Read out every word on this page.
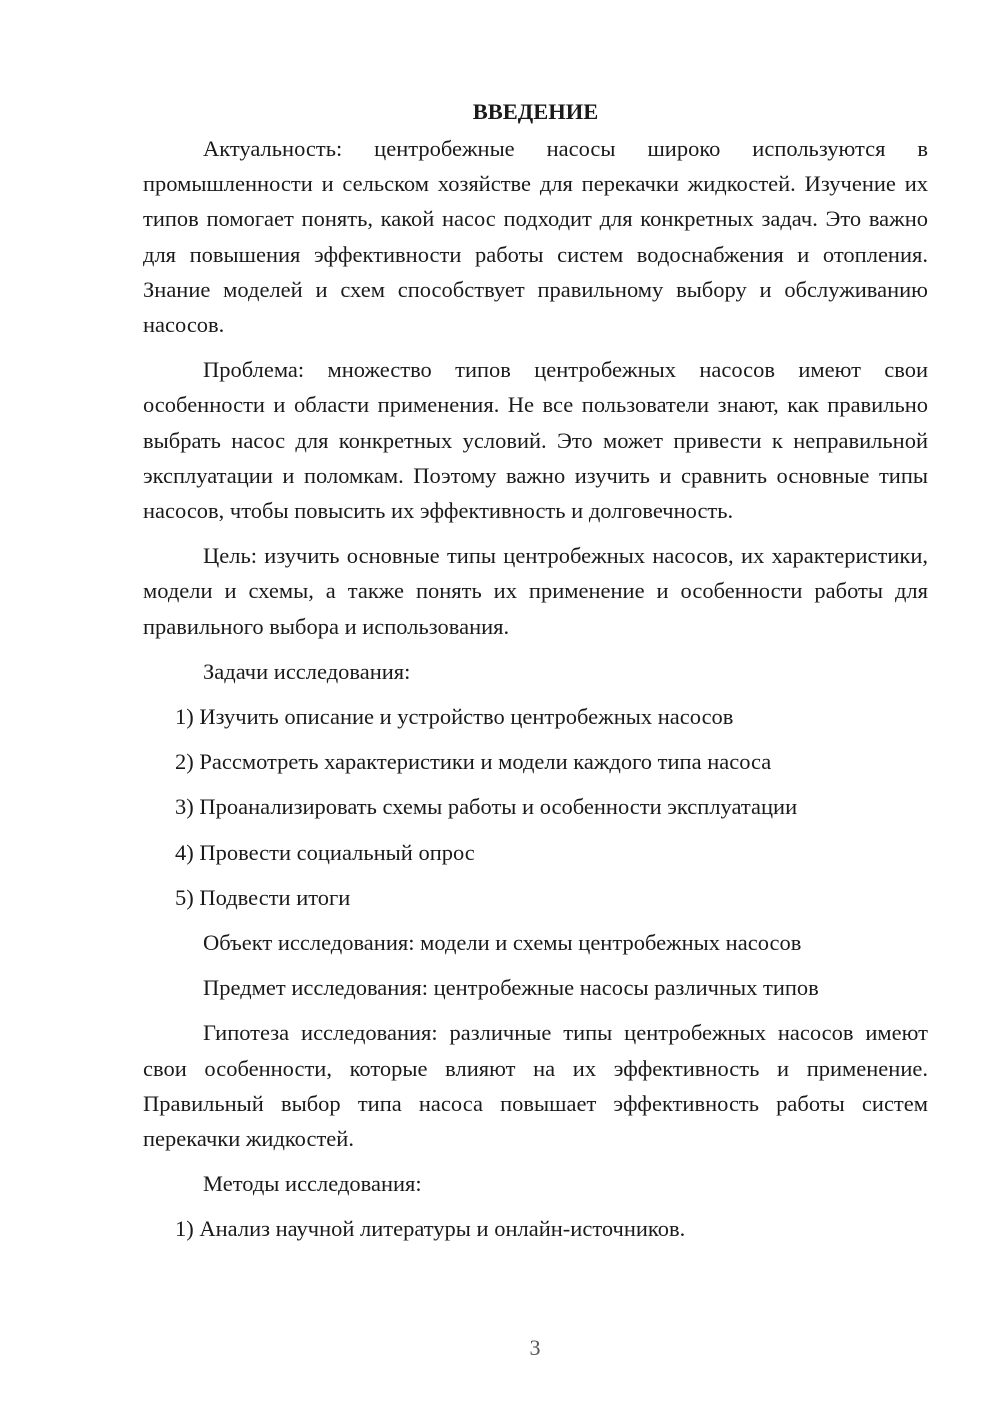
ВВЕДЕНИЕ

Актуальность: центробежные насосы широко используются в промышленности и сельском хозяйстве для перекачки жидкостей. Изучение их типов помогает понять, какой насос подходит для конкретных задач. Это важно для повышения эффективности работы систем водоснабжения и отопления. Знание моделей и схем способствует правильному выбору и обслуживанию насосов.

Проблема: множество типов центробежных насосов имеют свои особенности и области применения. Не все пользователи знают, как правильно выбрать насос для конкретных условий. Это может привести к неправильной эксплуатации и поломкам. Поэтому важно изучить и сравнить основные типы насосов, чтобы повысить их эффективность и долговечность.

Цель: изучить основные типы центробежных насосов, их характеристики, модели и схемы, а также понять их применение и особенности работы для правильного выбора и использования.

Задачи исследования:

1) Изучить описание и устройство центробежных насосов

2) Рассмотреть характеристики и модели каждого типа насоса

3) Проанализировать схемы работы и особенности эксплуатации

4) Провести социальный опрос

5) Подвести итоги

Объект исследования: модели и схемы центробежных насосов

Предмет исследования: центробежные насосы различных типов

Гипотеза исследования: различные типы центробежных насосов имеют свои особенности, которые влияют на их эффективность и применение. Правильный выбор типа насоса повышает эффективность работы систем перекачки жидкостей.

Методы исследования:

1) Анализ научной литературы и онлайн-источников.

3
